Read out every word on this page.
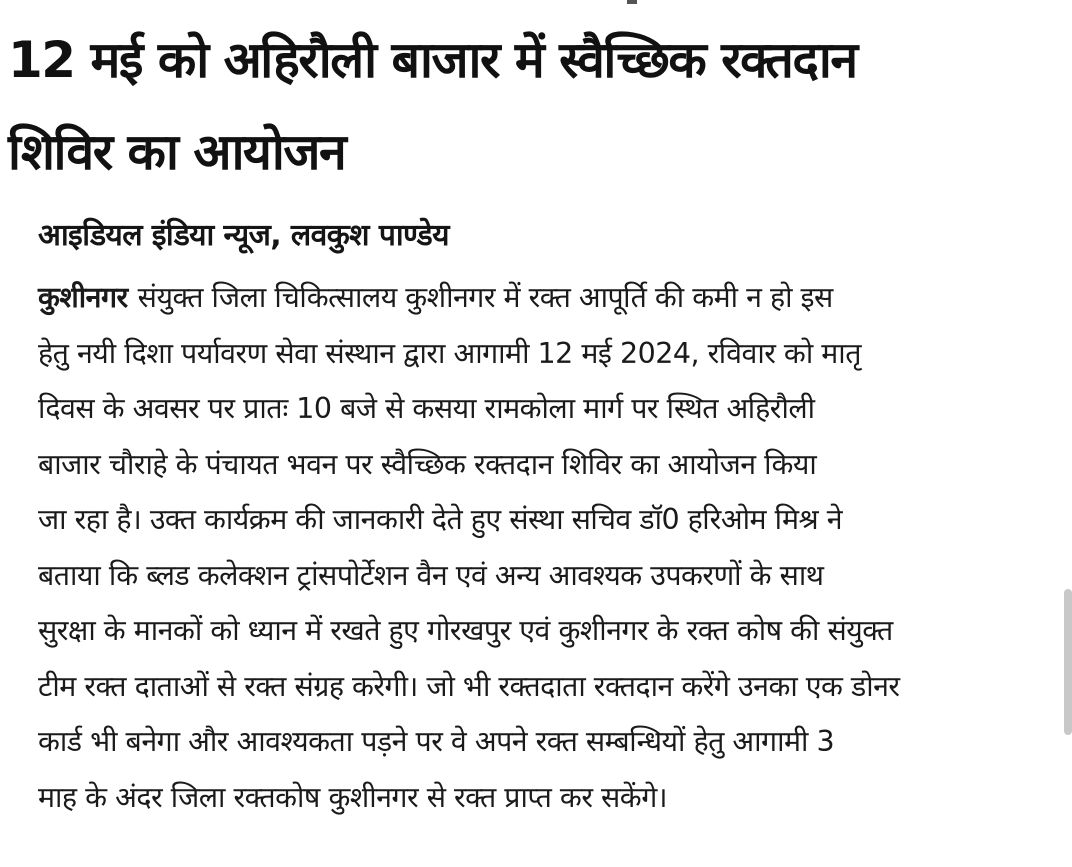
12 मई को अहिरौली बाजार में स्वैच्छिक रक्तदान
शिविर का आयोजन

आइडियल इंडिया न्यूज, लवकुश पाण्डेय

कुशीनगर संयुक्त जिला चिकित्सालय कुशीनगर में रक्त आपूर्ति की कमी न हो इस
हेतु नयी दिशा पर्यावरण सेवा संस्थान द्वारा आगामी 12 मई 2024, रविवार को मातृ
दिवस के अवसर पर प्रातः 10 बजे से कसया रामकोला मार्ग पर स्थित अहिरौली
बाजार चौराहे के पंचायत भवन पर स्वैच्छिक रक्तदान शिविर का आयोजन किया
जा रहा है। उक्त कार्यक्रम की जानकारी देते हुए संस्था सचिव डॉ0 हरिओम मिश्र ने
बताया कि ब्लड कलेक्शन ट्रांसपोर्टेशन वैन एवं अन्य आवश्यक उपकरणों के साथ
सुरक्षा के मानकों को ध्यान में रखते हुए गोरखपुर एवं कुशीनगर के रक्त कोष की संयुक्त
टीम रक्त दाताओं से रक्त संग्रह करेगी। जो भी रक्तदाता रक्तदान करेंगे उनका एक डोनर
कार्ड भी बनेगा और आवश्यकता पड़ने पर वे अपने रक्त सम्बन्धियों हेतु आगामी 3
माह के अंदर जिला रक्तकोष कुशीनगर से रक्त प्राप्त कर सकेंगे।
